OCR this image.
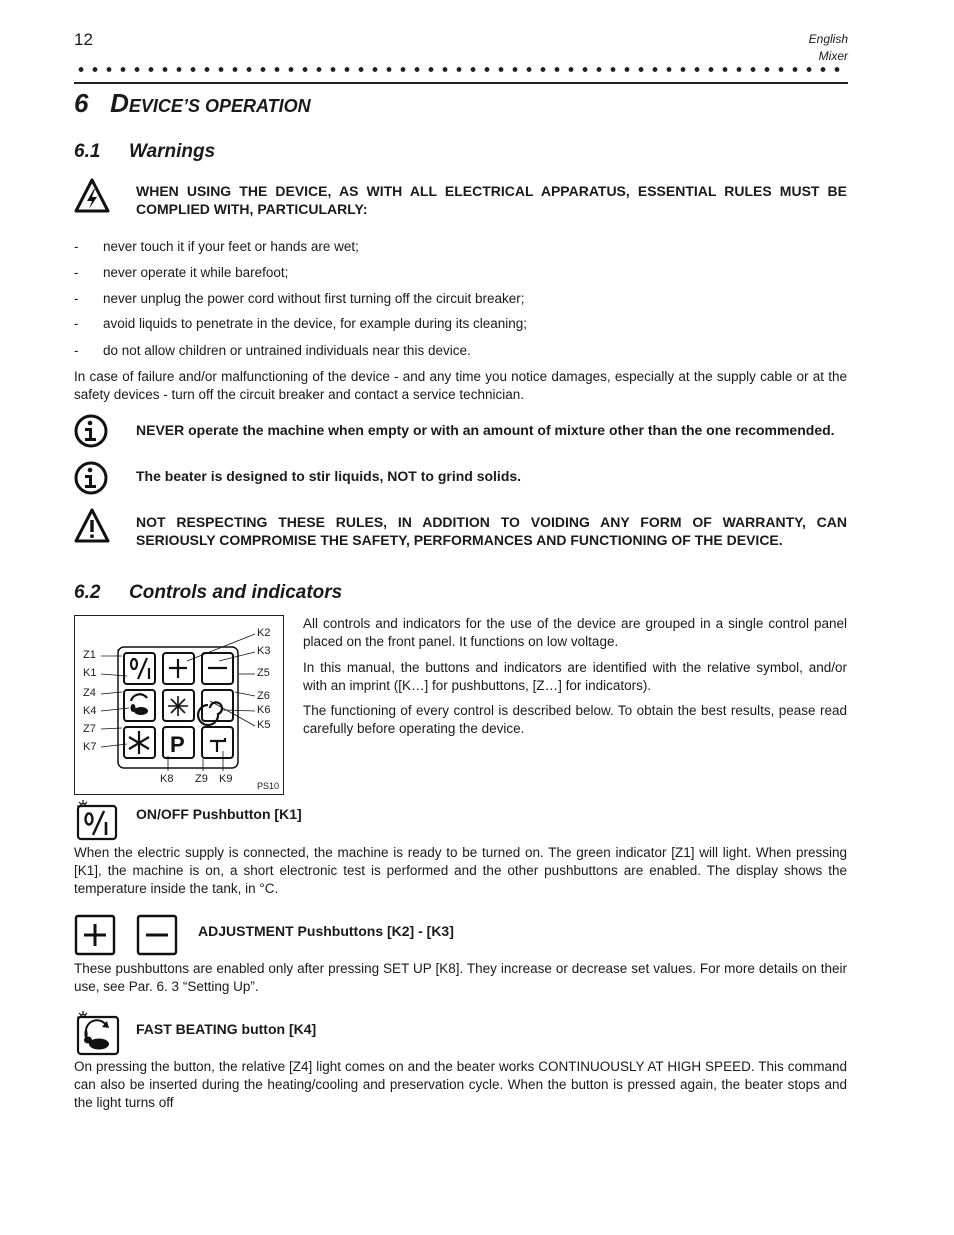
12	English
Mixer
6 DEVICE’S OPERATION
6.1 Warnings
WHEN USING THE DEVICE, AS WITH ALL ELECTRICAL APPARATUS, ESSENTIAL RULES MUST BE COMPLIED WITH, PARTICULARLY:
- never touch it if your feet or hands are wet;
- never operate it while barefoot;
- never unplug the power cord without first turning off the circuit breaker;
- avoid liquids to penetrate in the device, for example during its cleaning;
- do not allow children or untrained individuals near this device.
In case of failure and/or malfunctioning of the device - and any time you notice damages, especially at the supply cable or at the safety devices - turn off the circuit breaker and contact a service technician.
NEVER operate the machine when empty or with an amount of mixture other than the one recommended.
The beater is designed to stir liquids, NOT to grind solids.
NOT RESPECTING THESE RULES, IN ADDITION TO VOIDING ANY FORM OF WARRANTY, CAN SERIOUSLY COMPROMISE THE SAFETY, PERFORMANCES AND FUNCTIONING OF THE DEVICE.
6.2 Controls and indicators
P
Z1
K1
Z4
K4
Z7
K7
K2
K3
Z5
Z6
K6
K5
K8 Z9 K9
PS10
All controls and indicators for the use of the device are grouped in a single control panel placed on the front panel. It functions on low voltage.
In this manual, the buttons and indicators are identified with the relative symbol, and/or with an imprint ([K…] for pushbuttons, [Z…] for indicators).
The functioning of every control is described below. To obtain the best results, pease read carefully before operating the device.
ON/OFF Pushbutton [K1]
When the electric supply is connected, the machine is ready to be turned on. The green indicator [Z1] will light. When pressing [K1], the machine is on, a short electronic test is performed and the other pushbuttons are enabled. The display shows the temperature inside the tank, in °C.
ADJUSTMENT Pushbuttons [K2] - [K3]
These pushbuttons are enabled only after pressing SET UP [K8]. They increase or decrease set values. For more details on their use, see Par. 6. 3 “Setting Up”.
FAST BEATING button [K4]
On pressing the button, the relative [Z4] light comes on and the beater works CONTINUOUSLY AT HIGH SPEED. This command can also be inserted during the heating/cooling and preservation cycle. When the button is pressed again, the beater stops and the light turns off
